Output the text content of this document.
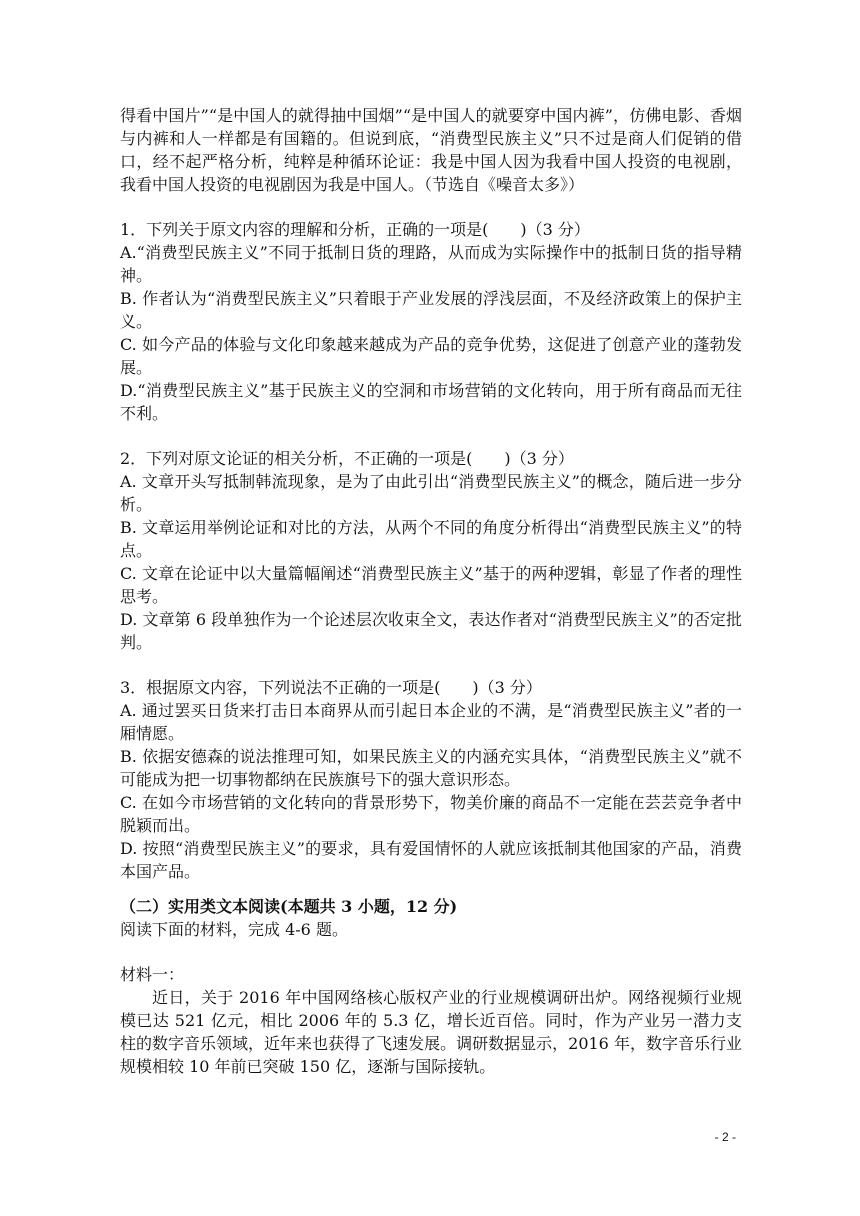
得看中国片”“是中国人的就得抽中国烟”“是中国人的就要穿中国内裤”，仿佛电影、香烟与内裤和人一样都是有国籍的。但说到底，“消费型民族主义”只不过是商人们促销的借口，经不起严格分析，纯粹是种循环论证：我是中国人因为我看中国人投资的电视剧，我看中国人投资的电视剧因为我是中国人。（节选自《噪音太多》）

1．下列关于原文内容的理解和分析，正确的一项是(　　)（3 分）

A.“消费型民族主义”不同于抵制日货的理路，从而成为实际操作中的抵制日货的指导精神。

B. 作者认为“消费型民族主义”只着眼于产业发展的浮浅层面，不及经济政策上的保护主义。

C. 如今产品的体验与文化印象越来越成为产品的竞争优势，这促进了创意产业的蓬勃发展。

D.“消费型民族主义”基于民族主义的空洞和市场营销的文化转向，用于所有商品而无往不利。

2．下列对原文论证的相关分析，不正确的一项是(　　)（3 分）

A. 文章开头写抵制韩流现象，是为了由此引出“消费型民族主义”的概念，随后进一步分析。

B. 文章运用举例论证和对比的方法，从两个不同的角度分析得出“消费型民族主义”的特点。

C. 文章在论证中以大量篇幅阐述“消费型民族主义”基于的两种逻辑，彰显了作者的理性思考。

D. 文章第 6 段单独作为一个论述层次收束全文，表达作者对“消费型民族主义”的否定批判。

3．根据原文内容，下列说法不正确的一项是(　　)（3 分）

A. 通过罢买日货来打击日本商界从而引起日本企业的不满，是“消费型民族主义”者的一厢情愿。

B. 依据安德森的说法推理可知，如果民族主义的内涵充实具体，“消费型民族主义”就不可能成为把一切事物都纳在民族旗号下的强大意识形态。

C. 在如今市场营销的文化转向的背景形势下，物美价廉的商品不一定能在芸芸竞争者中脱颖而出。

D. 按照“消费型民族主义”的要求，具有爱国情怀的人就应该抵制其他国家的产品，消费本国产品。

（二）实用类文本阅读(本题共 3 小题，12 分)

阅读下面的材料，完成 4-6 题。

材料一：

近日，关于 2016 年中国网络核心版权产业的行业规模调研出炉。网络视频行业规模已达 521 亿元，相比 2006 年的 5.3 亿，增长近百倍。同时，作为产业另一潜力支柱的数字音乐领域，近年来也获得了飞速发展。调研数据显示，2016 年，数字音乐行业规模相较 10 年前已突破 150 亿，逐渐与国际接轨。

- 2 -
